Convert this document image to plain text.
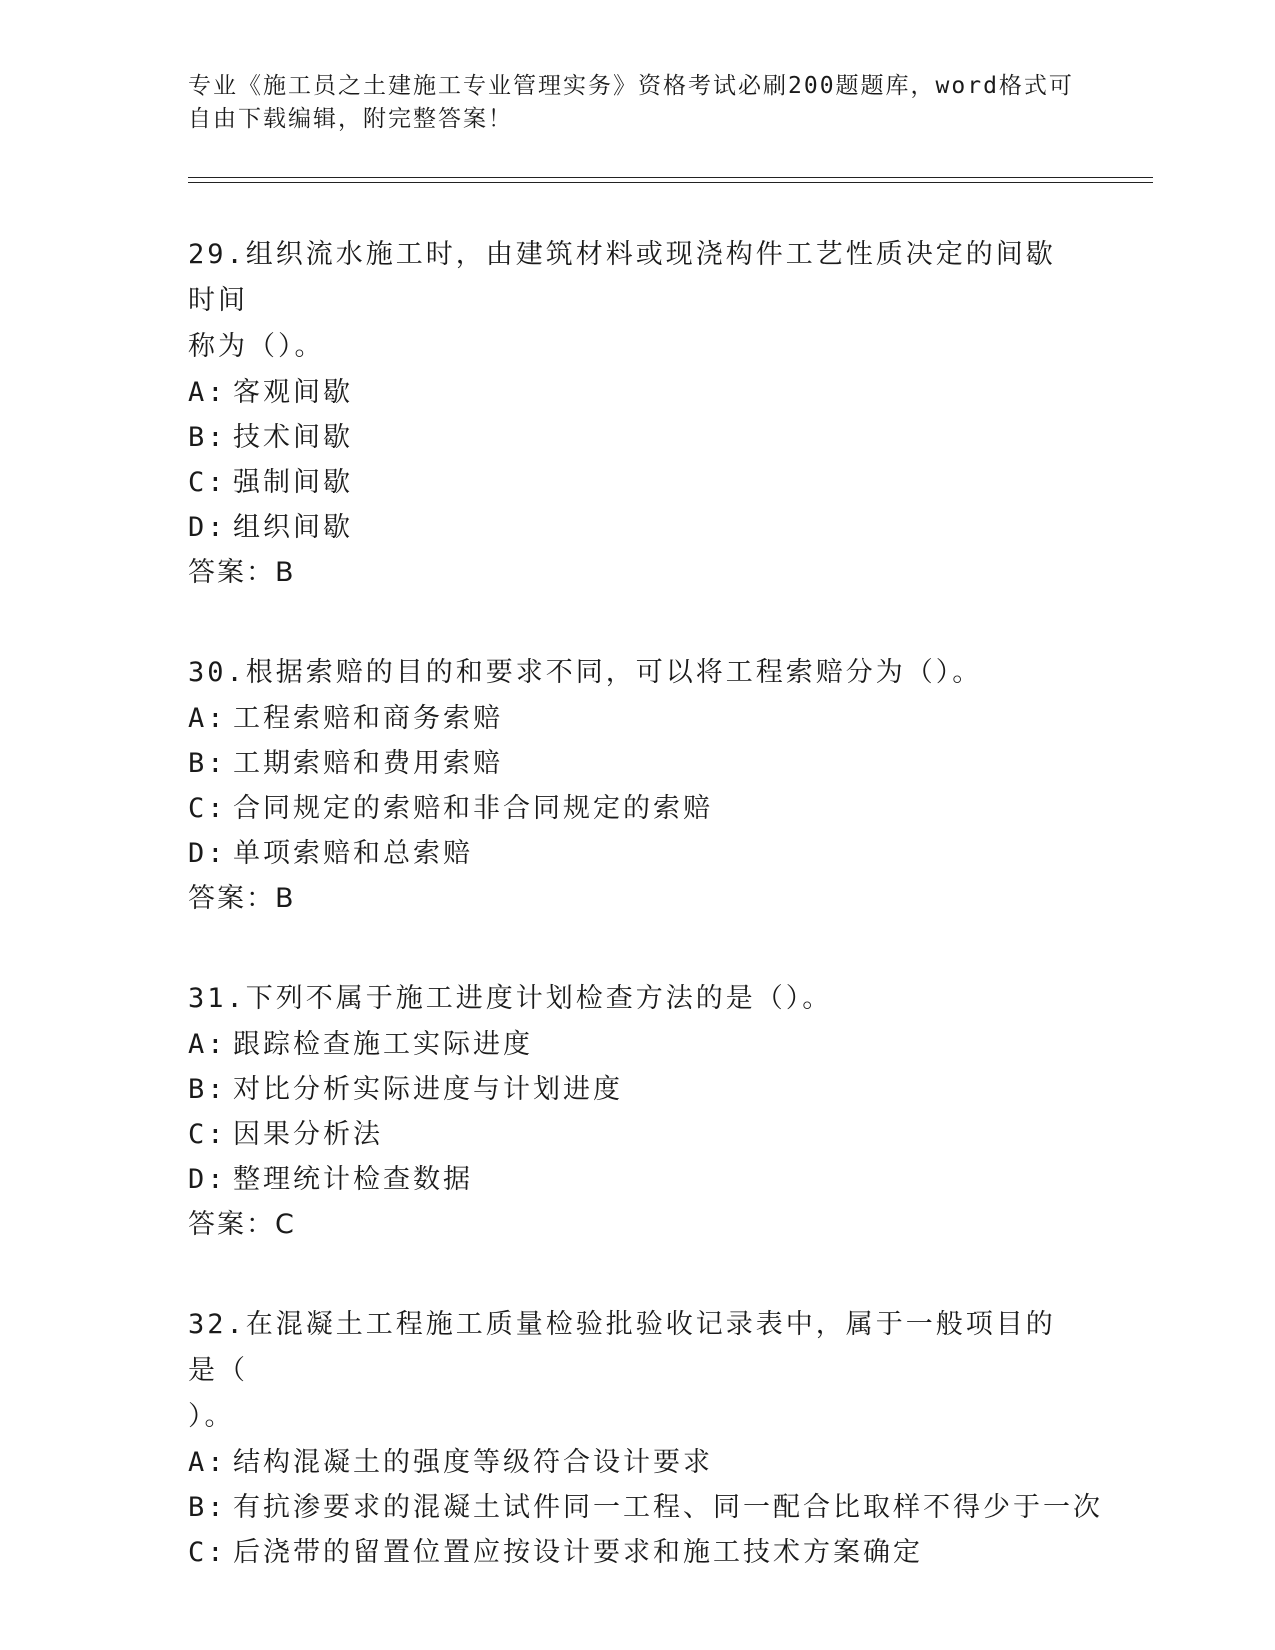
专业《施工员之土建施工专业管理实务》资格考试必刷200题题库，word格式可
自由下载编辑，附完整答案！
29.组织流水施工时，由建筑材料或现浇构件工艺性质决定的间歇时间
称为（）。
A: 客观间歇
B: 技术间歇
C: 强制间歇
D: 组织间歇
答案：B
30.根据索赔的目的和要求不同，可以将工程索赔分为（）。
A: 工程索赔和商务索赔
B: 工期索赔和费用索赔
C: 合同规定的索赔和非合同规定的索赔
D: 单项索赔和总索赔
答案：B
31.下列不属于施工进度计划检查方法的是（）。
A: 跟踪检查施工实际进度
B: 对比分析实际进度与计划进度
C: 因果分析法
D: 整理统计检查数据
答案：C
32.在混凝土工程施工质量检验批验收记录表中，属于一般项目的是（
）。
A: 结构混凝土的强度等级符合设计要求
B: 有抗渗要求的混凝土试件同一工程、同一配合比取样不得少于一次
C: 后浇带的留置位置应按设计要求和施工技术方案确定
